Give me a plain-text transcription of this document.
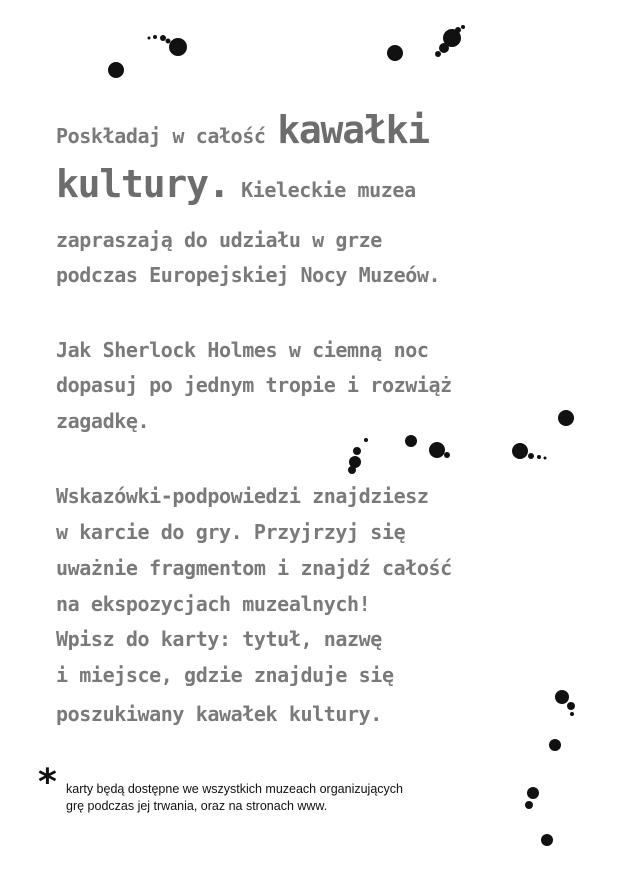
Poskładaj w całość kawałki
kultury. Kieleckie muzea
zapraszają do udziału w grze
podczas Europejskiej Nocy Muzeów.
Jak Sherlock Holmes w ciemną noc
dopasuj po jednym tropie i rozwiąż
zagadkę.
Wskazówki-podpowiedzi znajdziesz
w karcie do gry. Przyjrzyj się
uważnie fragmentom i znajdź całość
na ekspozycjach muzealnych!
Wpisz do karty: tytuł, nazwę
i miejsce, gdzie znajduje się
poszukiwany kawałek kultury.
* karty będą dostępne we wszystkich muzeach organizujących
grę podczas jej trwania, oraz na stronach www.
